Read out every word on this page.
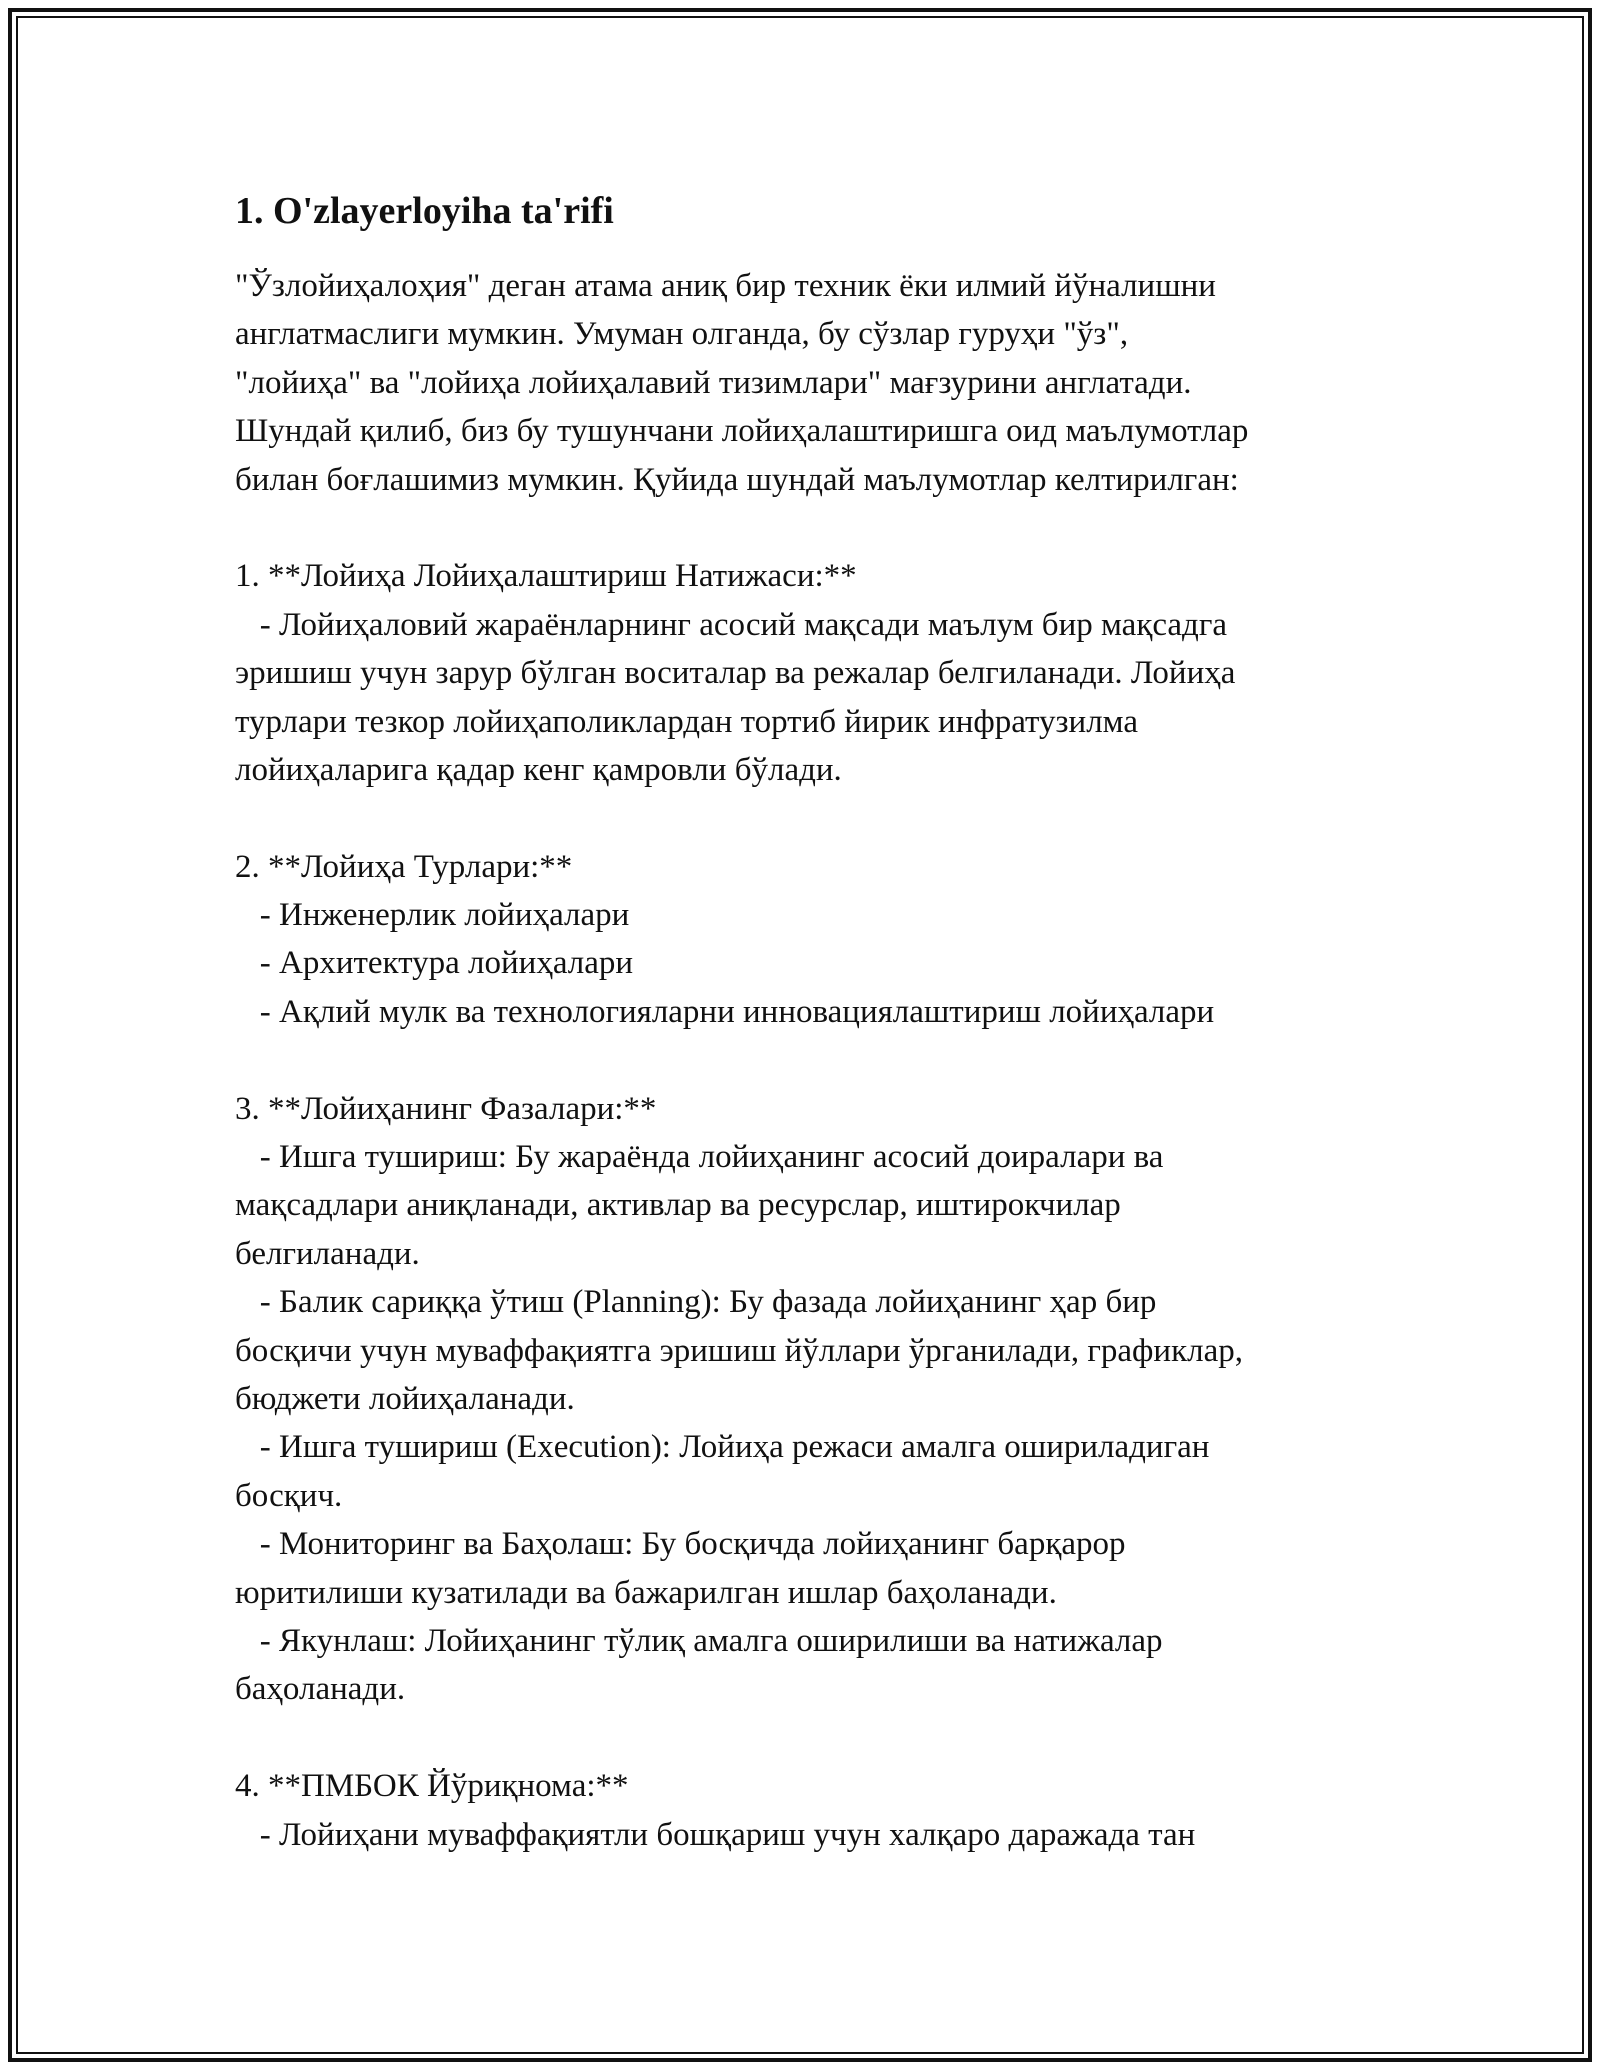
1. O'zlayerloyiha ta'rifi
"Ўзлойиҳалоҳия" деган атама аниқ бир техник ёки илмий йўналишни
англатмаслиги мумкин. Умуман олганда, бу сўзлар гуруҳи "ўз",
"лойиҳа" ва "лойиҳа лойиҳалавий тизимлари" мағзурини англатади.
Шундай қилиб, биз бу тушунчани лойиҳалаштиришга оид маълумотлар
билан боғлашимиз мумкин. Қуйида шундай маълумотлар келтирилган:
1. **Лойиҳа Лойиҳалаштириш Натижаси:**
- Лойиҳаловий жараёнларнинг асосий мақсади маълум бир мақсадга
эришиш учун зарур бўлган воситалар ва режалар белгиланади. Лойиҳа
турлари тезкор лойиҳаполиклардан тортиб йирик инфратузилма
лойиҳаларига қадар кенг қамровли бўлади.
2. **Лойиҳа Турлари:**
- Инженерлик лойиҳалари
- Архитектура лойиҳалари
- Ақлий мулк ва технологияларни инновациялаштириш лойиҳалари
3. **Лойиҳанинг Фазалари:**
- Ишга тушириш: Бу жараёнда лойиҳанинг асосий доиралари ва
мақсадлари аниқланади, активлар ва ресурслар, иштирокчилар
белгиланади.
- Балик сариққа ўтиш (Planning): Бу фазада лойиҳанинг ҳар бир
босқичи учун муваффақиятга эришиш йўллари ўрганилади, графиклар,
бюджети лойиҳаланади.
- Ишга тушириш (Execution): Лойиҳа режаси амалга ошириладиган
босқич.
- Мониторинг ва Баҳолаш: Бу босқичда лойиҳанинг барқарор
юритилиши кузатилади ва бажарилган ишлар баҳоланади.
- Якунлаш: Лойиҳанинг тўлиқ амалга оширилиши ва натижалар
баҳоланади.
4. **ПМБОК Йўриқнома:**
- Лойиҳани муваффақиятли бошқариш учун халқаро даражада тан
